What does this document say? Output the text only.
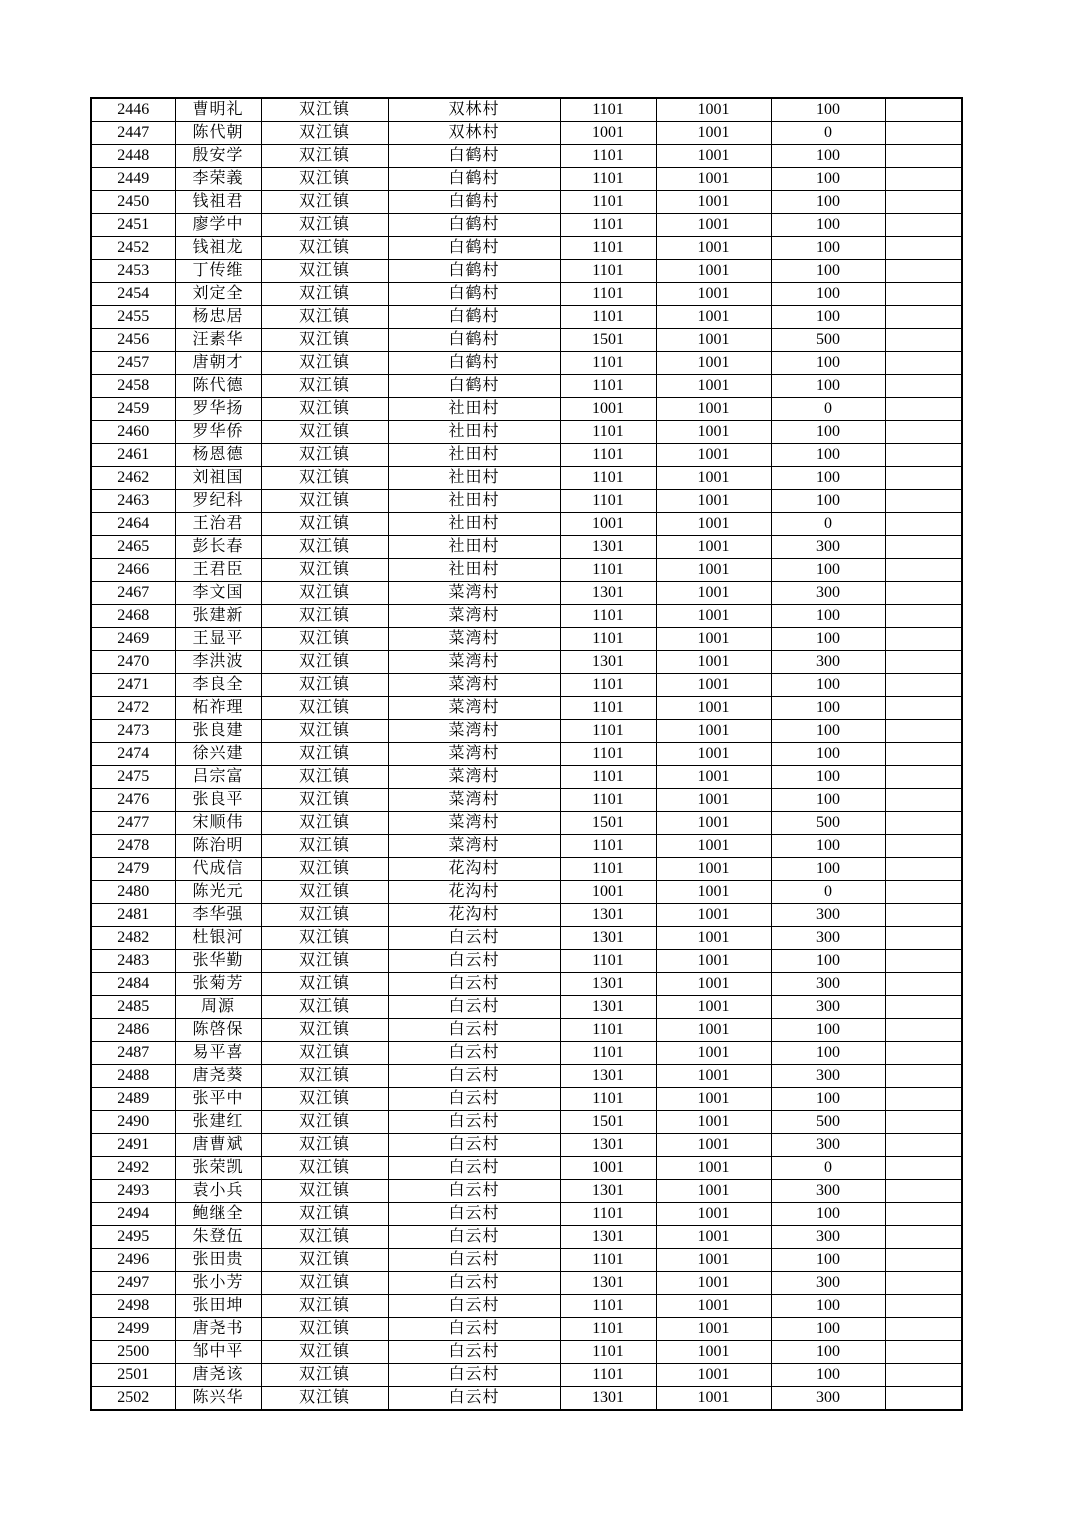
2446	曹明礼	双江镇	双林村	1101	1001	100	
2447	陈代朝	双江镇	双林村	1001	1001	0	
2448	殷安学	双江镇	白鹤村	1101	1001	100	
2449	李荣義	双江镇	白鹤村	1101	1001	100	
2450	钱祖君	双江镇	白鹤村	1101	1001	100	
2451	廖学中	双江镇	白鹤村	1101	1001	100	
2452	钱祖龙	双江镇	白鹤村	1101	1001	100	
2453	丁传维	双江镇	白鹤村	1101	1001	100	
2454	刘定全	双江镇	白鹤村	1101	1001	100	
2455	杨忠居	双江镇	白鹤村	1101	1001	100	
2456	汪素华	双江镇	白鹤村	1501	1001	500	
2457	唐朝才	双江镇	白鹤村	1101	1001	100	
2458	陈代德	双江镇	白鹤村	1101	1001	100	
2459	罗华扬	双江镇	社田村	1001	1001	0	
2460	罗华侨	双江镇	社田村	1101	1001	100	
2461	杨恩德	双江镇	社田村	1101	1001	100	
2462	刘祖国	双江镇	社田村	1101	1001	100	
2463	罗纪科	双江镇	社田村	1101	1001	100	
2464	王治君	双江镇	社田村	1001	1001	0	
2465	彭长春	双江镇	社田村	1301	1001	300	
2466	王君臣	双江镇	社田村	1101	1001	100	
2467	李文国	双江镇	菜湾村	1301	1001	300	
2468	张建新	双江镇	菜湾村	1101	1001	100	
2469	王显平	双江镇	菜湾村	1101	1001	100	
2470	李洪波	双江镇	菜湾村	1301	1001	300	
2471	李良全	双江镇	菜湾村	1101	1001	100	
2472	柘祚理	双江镇	菜湾村	1101	1001	100	
2473	张良建	双江镇	菜湾村	1101	1001	100	
2474	徐兴建	双江镇	菜湾村	1101	1001	100	
2475	吕宗富	双江镇	菜湾村	1101	1001	100	
2476	张良平	双江镇	菜湾村	1101	1001	100	
2477	宋顺伟	双江镇	菜湾村	1501	1001	500	
2478	陈治明	双江镇	菜湾村	1101	1001	100	
2479	代成信	双江镇	花沟村	1101	1001	100	
2480	陈光元	双江镇	花沟村	1001	1001	0	
2481	李华强	双江镇	花沟村	1301	1001	300	
2482	杜银河	双江镇	白云村	1301	1001	300	
2483	张华勤	双江镇	白云村	1101	1001	100	
2484	张菊芳	双江镇	白云村	1301	1001	300	
2485	周源	双江镇	白云村	1301	1001	300	
2486	陈啓保	双江镇	白云村	1101	1001	100	
2487	易平喜	双江镇	白云村	1101	1001	100	
2488	唐尧葵	双江镇	白云村	1301	1001	300	
2489	张平中	双江镇	白云村	1101	1001	100	
2490	张建红	双江镇	白云村	1501	1001	500	
2491	唐曹斌	双江镇	白云村	1301	1001	300	
2492	张荣凯	双江镇	白云村	1001	1001	0	
2493	袁小兵	双江镇	白云村	1301	1001	300	
2494	鲍继全	双江镇	白云村	1101	1001	100	
2495	朱登伍	双江镇	白云村	1301	1001	300	
2496	张田贵	双江镇	白云村	1101	1001	100	
2497	张小芳	双江镇	白云村	1301	1001	300	
2498	张田坤	双江镇	白云村	1101	1001	100	
2499	唐尧书	双江镇	白云村	1101	1001	100	
2500	邹中平	双江镇	白云村	1101	1001	100	
2501	唐尧该	双江镇	白云村	1101	1001	100	
2502	陈兴华	双江镇	白云村	1301	1001	300	
